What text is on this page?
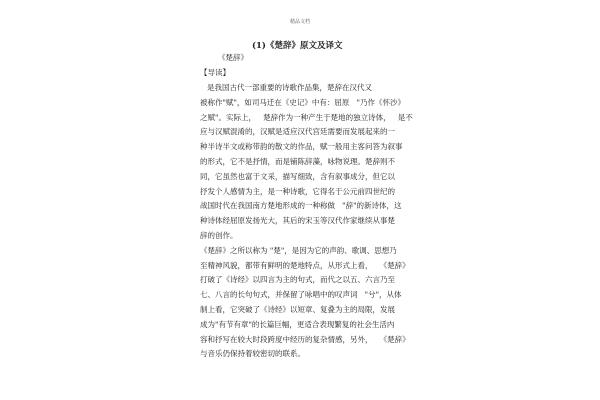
精品文档
(1)《楚辞》原文及译文
《楚辞》
【导读】
是我国古代一部重要的诗歌作品集，楚辞在汉代又
被称作"赋"，如司马迁在《史记》中有：屈原   "乃作《怀沙》
之赋"。实际上，   楚辞作为一种产生于楚地的独立诗体，   是不
应与汉赋混淆的，汉赋是适应汉代宫廷需要而发展起来的一
种半诗半文或称带韵的散文的作品，赋一般用主客问答为叙事
的形式，它不是抒情，而是铺陈辞藻，咏物说理。楚辞则不
同，它虽然也富于文采，描写细致，含有叙事成分，但它以
抒发个人感情为主，是一种诗歌，它得名于公元前四世纪的
战国时代在我国南方楚地形成的一种称做   "辞"的新诗体，这
种诗体经屈原发扬光大，其后的宋玉等汉代作家继续从事楚
辞的创作。
《楚辞》之所以称为 "楚"，是因为它的声韵、歌调、思想乃
至精神风貌，都带有鲜明的楚地特点，从形式上看，   《楚辞》
打破了《诗经》以四言为主的句式，而代之以五、六言乃至
七、八言的长句句式，并保留了咏唱中的叹声词   "兮"，从体
制上看，它突破了《诗经》以短章、复叠为主的局限，发展
成为"有节有章"的长篇巨幅，更适合表现繁复的社会生活内
容和抒写在较大时段跨度中经历的复杂情感，另外，   《楚辞》
与音乐仍保持着较密切的联系。
